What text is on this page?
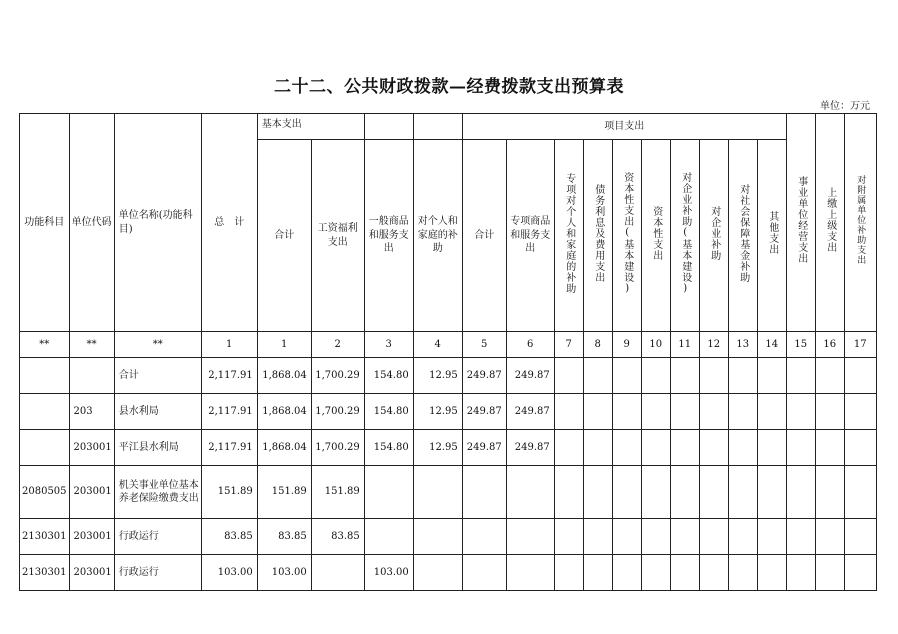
二十二、公共财政拨款—经费拨款支出预算表
单位：万元
功能科目	单位代码	单位名称(功能科目)	总　计	基本支出				项目支出										事业单位经营支出	上缴上级支出	对附属单位补助支出
				合计	工资福利支出	一般商品和服务支出	对个人和家庭的补助	合计	专项商品和服务支出	专项对个人和家庭的补助	债务利息及费用支出	资本性支出(基本建设)	资本性支出	对企业补助(基本建设)	对企业补助	对社会保障基金补助	其他支出			
**	**	**	1	1	2	3	4	5	6	7	8	9	10	11	12	13	14	15	16	17
		合计	2,117.91	1,868.04	1,700.29	154.80	12.95	249.87	249.87											
	203	县水利局	2,117.91	1,868.04	1,700.29	154.80	12.95	249.87	249.87											
	203001	平江县水利局	2,117.91	1,868.04	1,700.29	154.80	12.95	249.87	249.87											
2080505	203001	机关事业单位基本养老保险缴费支出	151.89	151.89	151.89															
2130301	203001	行政运行	83.85	83.85	83.85															
2130301	203001	行政运行	103.00	103.00		103.00														
